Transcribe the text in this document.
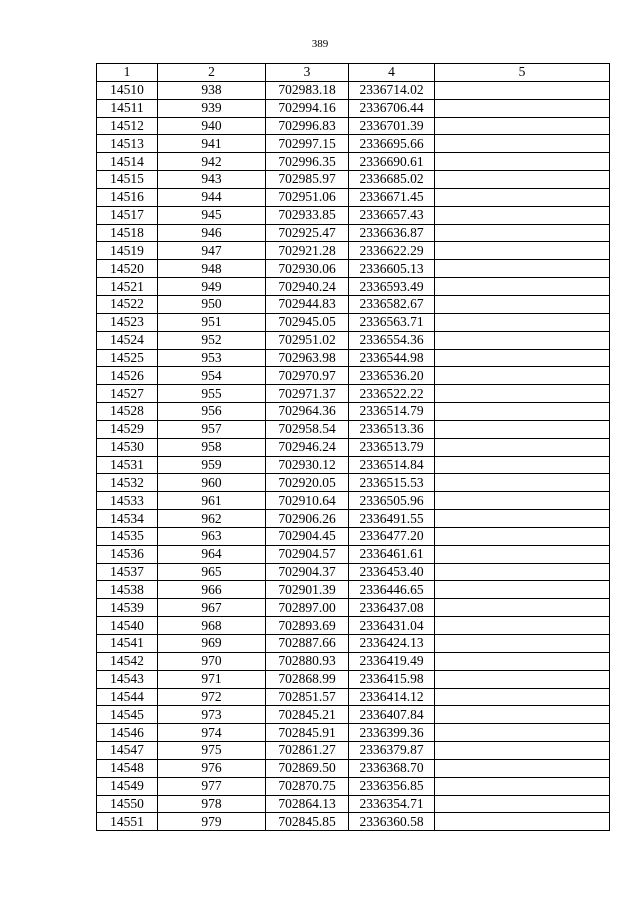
389
1	2	3	4	5
14510	938	702983.18	2336714.02	
14511	939	702994.16	2336706.44	
14512	940	702996.83	2336701.39	
14513	941	702997.15	2336695.66	
14514	942	702996.35	2336690.61	
14515	943	702985.97	2336685.02	
14516	944	702951.06	2336671.45	
14517	945	702933.85	2336657.43	
14518	946	702925.47	2336636.87	
14519	947	702921.28	2336622.29	
14520	948	702930.06	2336605.13	
14521	949	702940.24	2336593.49	
14522	950	702944.83	2336582.67	
14523	951	702945.05	2336563.71	
14524	952	702951.02	2336554.36	
14525	953	702963.98	2336544.98	
14526	954	702970.97	2336536.20	
14527	955	702971.37	2336522.22	
14528	956	702964.36	2336514.79	
14529	957	702958.54	2336513.36	
14530	958	702946.24	2336513.79	
14531	959	702930.12	2336514.84	
14532	960	702920.05	2336515.53	
14533	961	702910.64	2336505.96	
14534	962	702906.26	2336491.55	
14535	963	702904.45	2336477.20	
14536	964	702904.57	2336461.61	
14537	965	702904.37	2336453.40	
14538	966	702901.39	2336446.65	
14539	967	702897.00	2336437.08	
14540	968	702893.69	2336431.04	
14541	969	702887.66	2336424.13	
14542	970	702880.93	2336419.49	
14543	971	702868.99	2336415.98	
14544	972	702851.57	2336414.12	
14545	973	702845.21	2336407.84	
14546	974	702845.91	2336399.36	
14547	975	702861.27	2336379.87	
14548	976	702869.50	2336368.70	
14549	977	702870.75	2336356.85	
14550	978	702864.13	2336354.71	
14551	979	702845.85	2336360.58	
